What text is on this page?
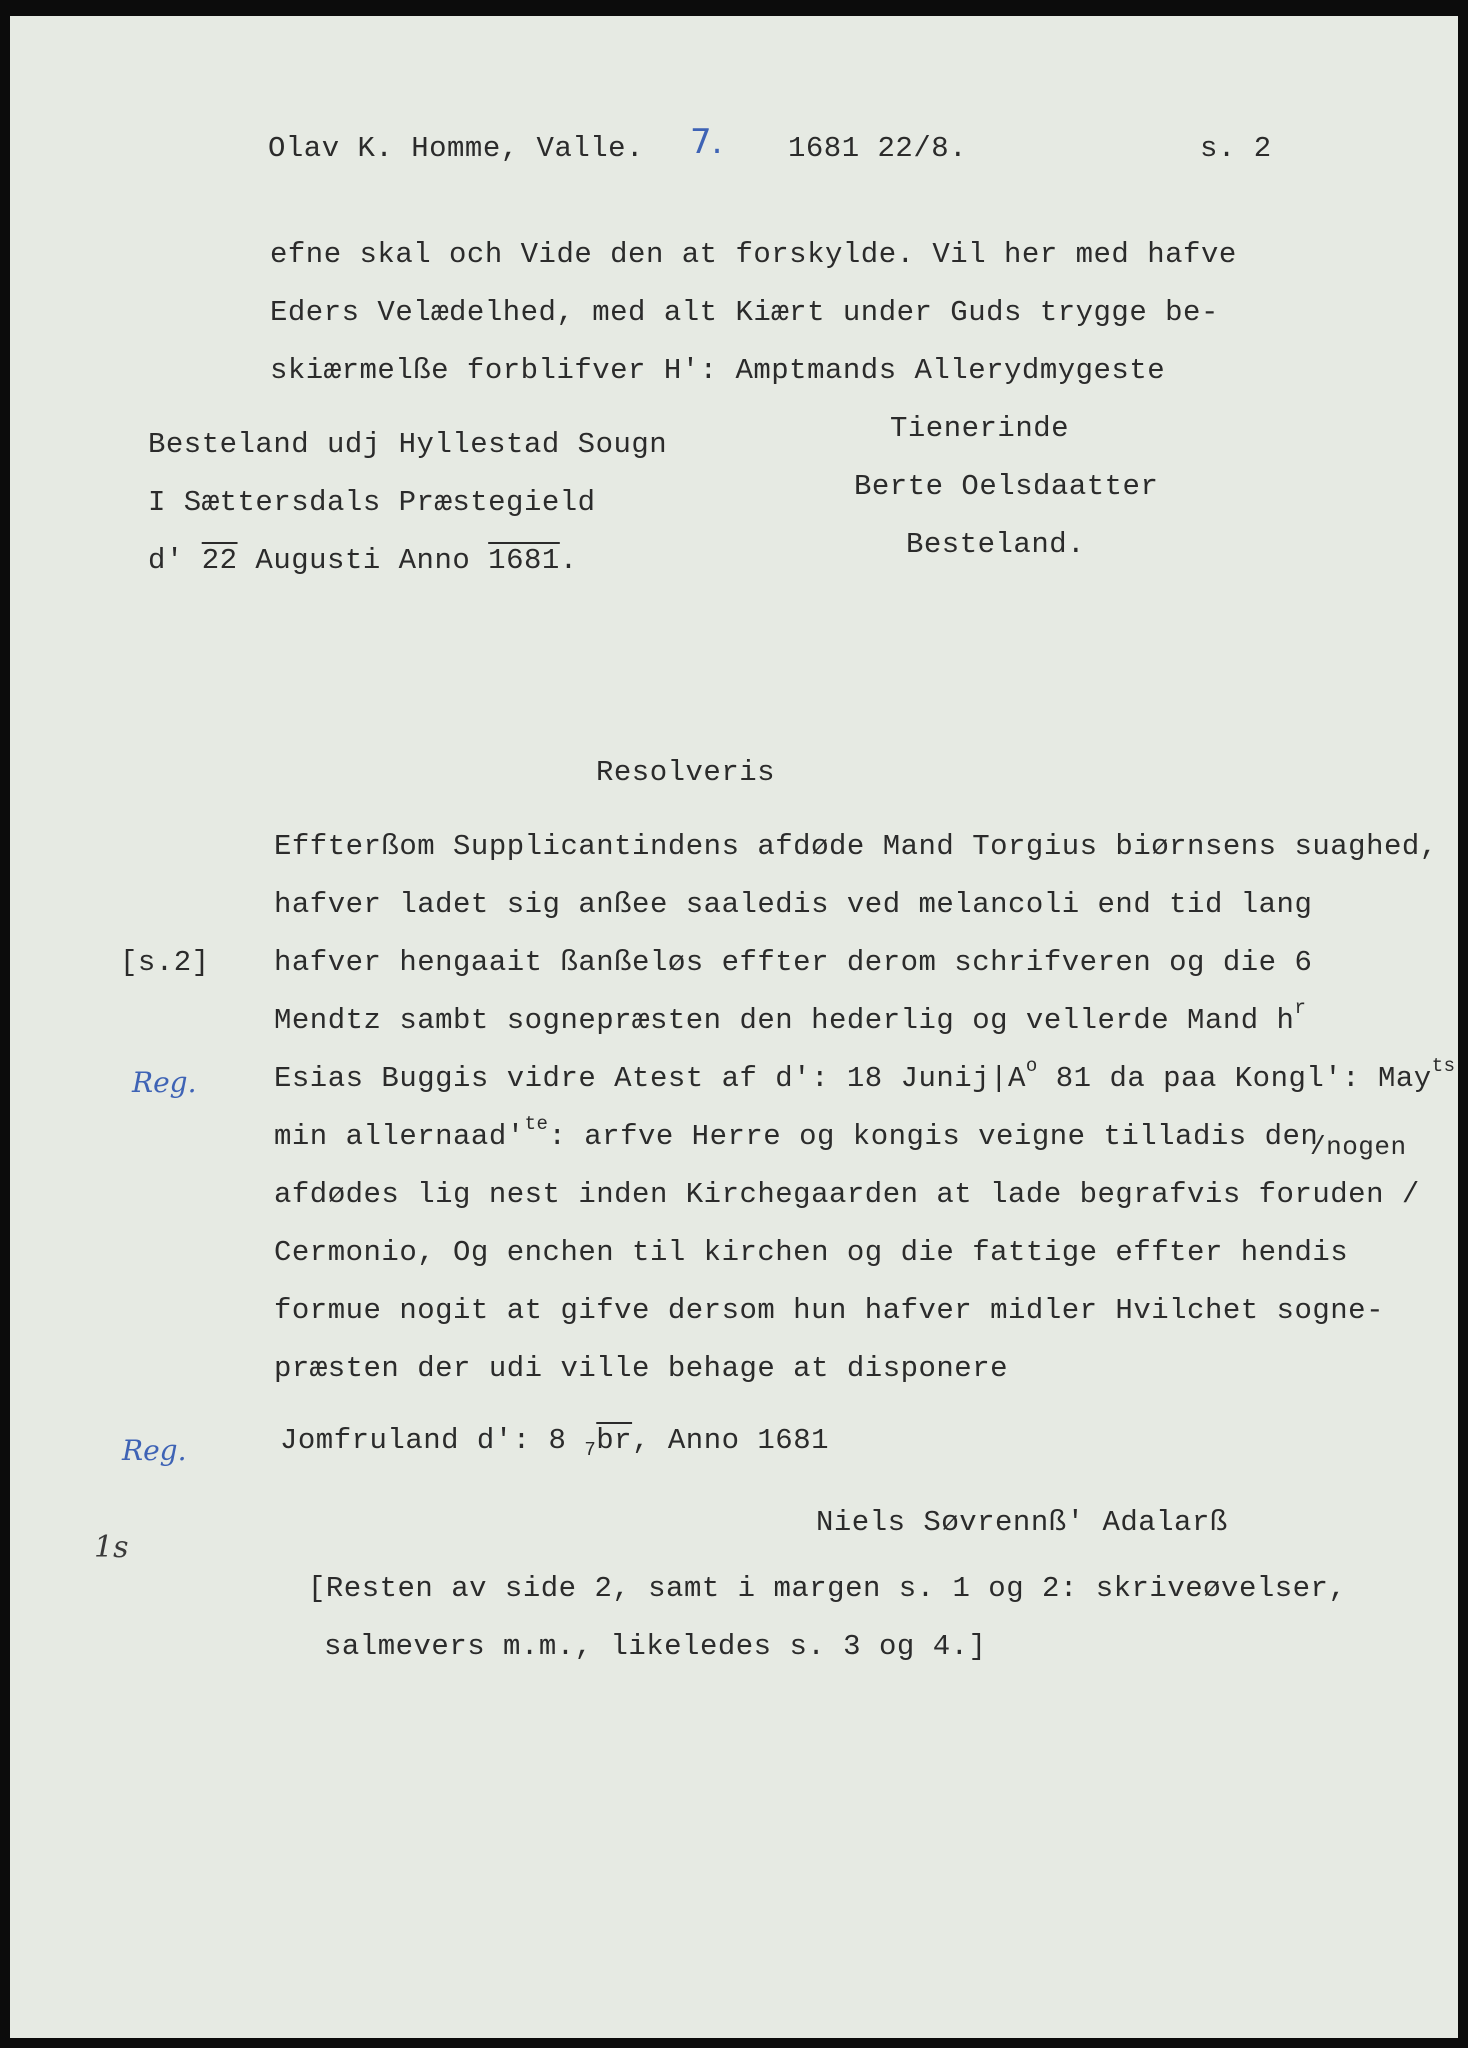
Olav K. Homme, Valle. 7. 1681 22/8.	s. 2
efne skal och Vide den at forskylde. Vil her med hafve
Eders Velædelhed, med alt Kiært under Guds trygge be-
skiærmelße forblifver H': Amptmands Allerydmygeste
Tienerinde
Berte Oelsdaatter
Besteland.
Besteland udj Hyllestad Sougn
I Sættersdals Præstegield
d' 22 Augusti Anno 1681.
Resolveris
Effterßom Supplicantindens afdøde Mand Torgius biørnsens suaghed,
hafver ladet sig anßee saaledis ved melancoli end tid lang
[s.2] hafver hengaait ßanßeløs effter derom schrifveren og die 6
Mendtz sambt sognepræsten den hederlig og vellerde Mand $h^r$
Reg.	Esias Buggis vidre Atest af d': 18 $Junij|A^o$ 81 da paa Kongl': May$^{ts}$
$\min allernaad'^{te}$: arfve Herre og kongis veigne tilladis den
/nogen
afdødes lig nest inden Kirchegaarden at lade begrafvis foruden /
Cermonio, Og enchen til kirchen og die fattige effter hendis
formue nogit at gifve dersom hun hafver midler Hvilchet sogne-
præsten der udi ville behage at disponere
Reg.	Jomfruland d': 8 $_7\overline{br}$, Anno 1681
Niels Søvrennß' Adalarß
1s
[Resten av side 2, samt i margen s. 1 og 2: skriveøvelser,
salmevers m.m., likeledes s. 3 og 4.]
